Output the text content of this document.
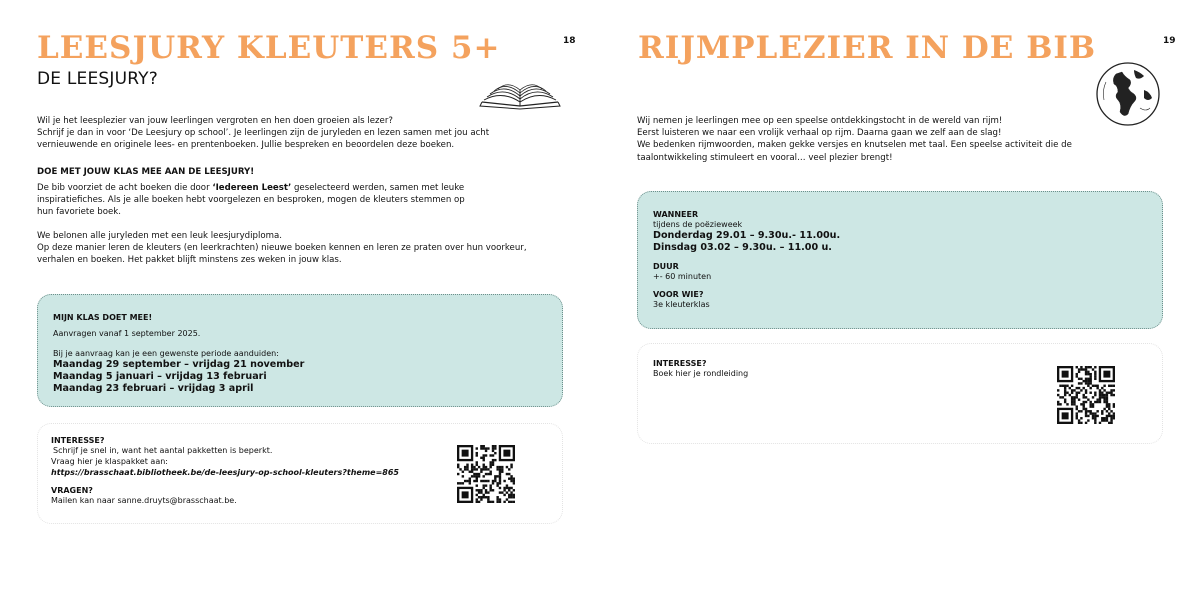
LEESJURY KLEUTERS 5+	18
DE LEESJURY?

Wil je het leesplezier van jouw leerlingen vergroten en hen doen groeien als lezer?

Schrijf je dan in voor ‘De Leesjury op school’. Je leerlingen zijn de juryleden en lezen samen met jou acht

vernieuwende en originele lees- en prentenboeken. Jullie bespreken en beoordelen deze boeken.

DOE MET JOUW KLAS MEE AAN DE LEESJURY!

De bib voorziet de acht boeken die door ‘Iedereen Leest’ geselecteerd werden, samen met leuke

inspiratiefiches. Als je alle boeken hebt voorgelezen en besproken, mogen de kleuters stemmen op

hun favoriete boek.

We belonen alle juryleden met een leuk leesjurydiploma.

Op deze manier leren de kleuters (en leerkrachten) nieuwe boeken kennen en leren ze praten over hun voorkeur,

verhalen en boeken. Het pakket blijft minstens zes weken in jouw klas.

MIJN KLAS DOET MEE!
Aanvragen vanaf 1 september 2025.
Bij je aanvraag kan je een gewenste periode aanduiden:
Maandag 29 september – vrijdag 21 november
Maandag 5 januari – vrijdag 13 februari
Maandag 23 februari – vrijdag 3 april
INTERESSE?
Schrijf je snel in, want het aantal pakketten is beperkt.
Vraag hier je klaspakket aan:
https://brasschaat.bibliotheek.be/de-leesjury-op-school-kleuters?theme=865
VRAGEN?
Mailen kan naar sanne.druyts@brasschaat.be.
RIJMPLEZIER IN DE BIB	19

Wij nemen je leerlingen mee op een speelse ontdekkingstocht in de wereld van rijm!

Eerst luisteren we naar een vrolijk verhaal op rijm. Daarna gaan we zelf aan de slag!

We bedenken rijmwoorden, maken gekke versjes en knutselen met taal. Een speelse activiteit die de

taalontwikkeling stimuleert en vooral… veel plezier brengt!

WANNEER
tijdens de poëzieweek
Donderdag 29.01 – 9.30u.- 11.00u.
Dinsdag 03.02 – 9.30u. – 11.00 u.
DUUR
+- 60 minuten
VOOR WIE?
3e kleuterklas
INTERESSE?
Boek hier je rondleiding
